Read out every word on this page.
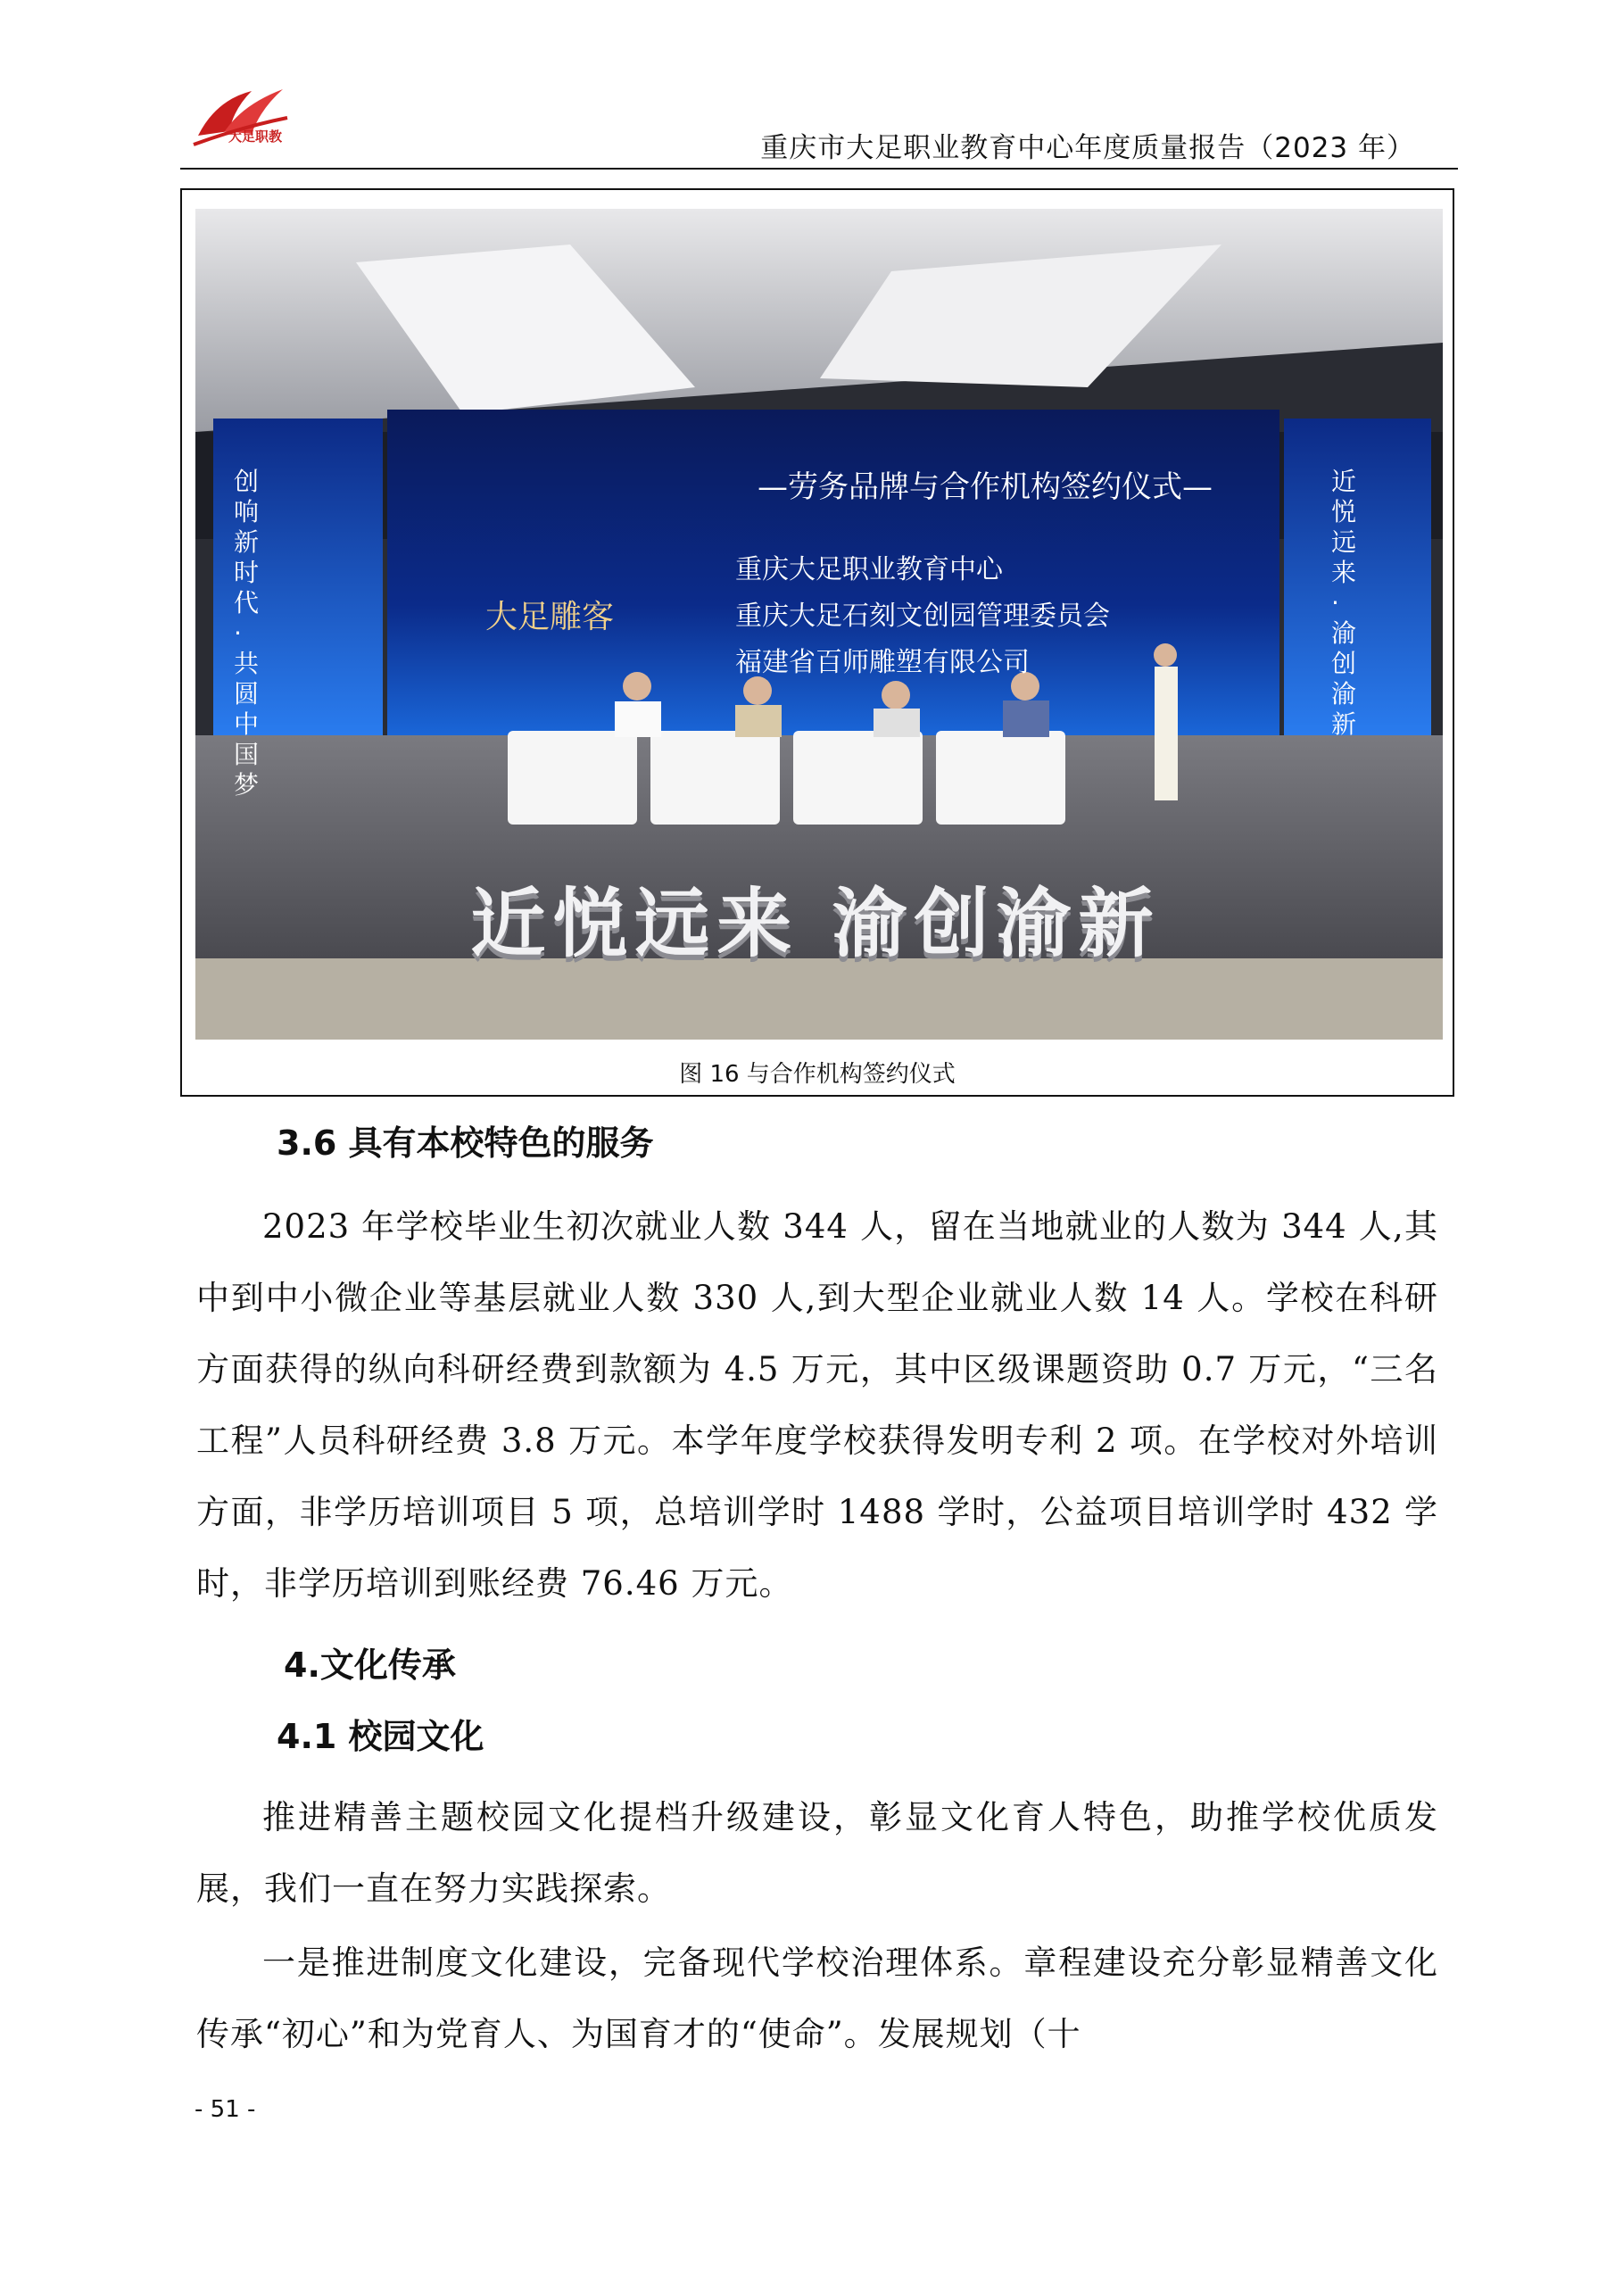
大足职教	重庆市大足职业教育中心年度质量报告（2023 年）
—劳务品牌与合作机构签约仪式—
大足雕客
重庆大足职业教育中心
重庆大足石刻文创园管理委员会
福建省百师雕塑有限公司
创响新时代·共圆中国梦
近悦远来·渝创渝新
近悦远来 渝创渝新
图 16 与合作机构签约仪式
3.6 具有本校特色的服务

2023 年学校毕业生初次就业人数 344 人，留在当地就业的人数为 344 人,其中到中小微企业等基层就业人数 330 人,到大型企业就业人数 14 人。学校在科研方面获得的纵向科研经费到款额为 4.5 万元，其中区级课题资助 0.7 万元，“三名工程”人员科研经费 3.8 万元。本学年度学校获得发明专利 2 项。在学校对外培训方面，非学历培训项目 5 项，总培训学时 1488 学时，公益项目培训学时 432 学时，非学历培训到账经费 76.46 万元。

4.文化传承
4.1 校园文化

推进精善主题校园文化提档升级建设，彰显文化育人特色，助推学校优质发展，我们一直在努力实践探索。

一是推进制度文化建设，完备现代学校治理体系。章程建设充分彰显精善文化传承“初心”和为党育人、为国育才的“使命”。发展规划（十

- 51 -
